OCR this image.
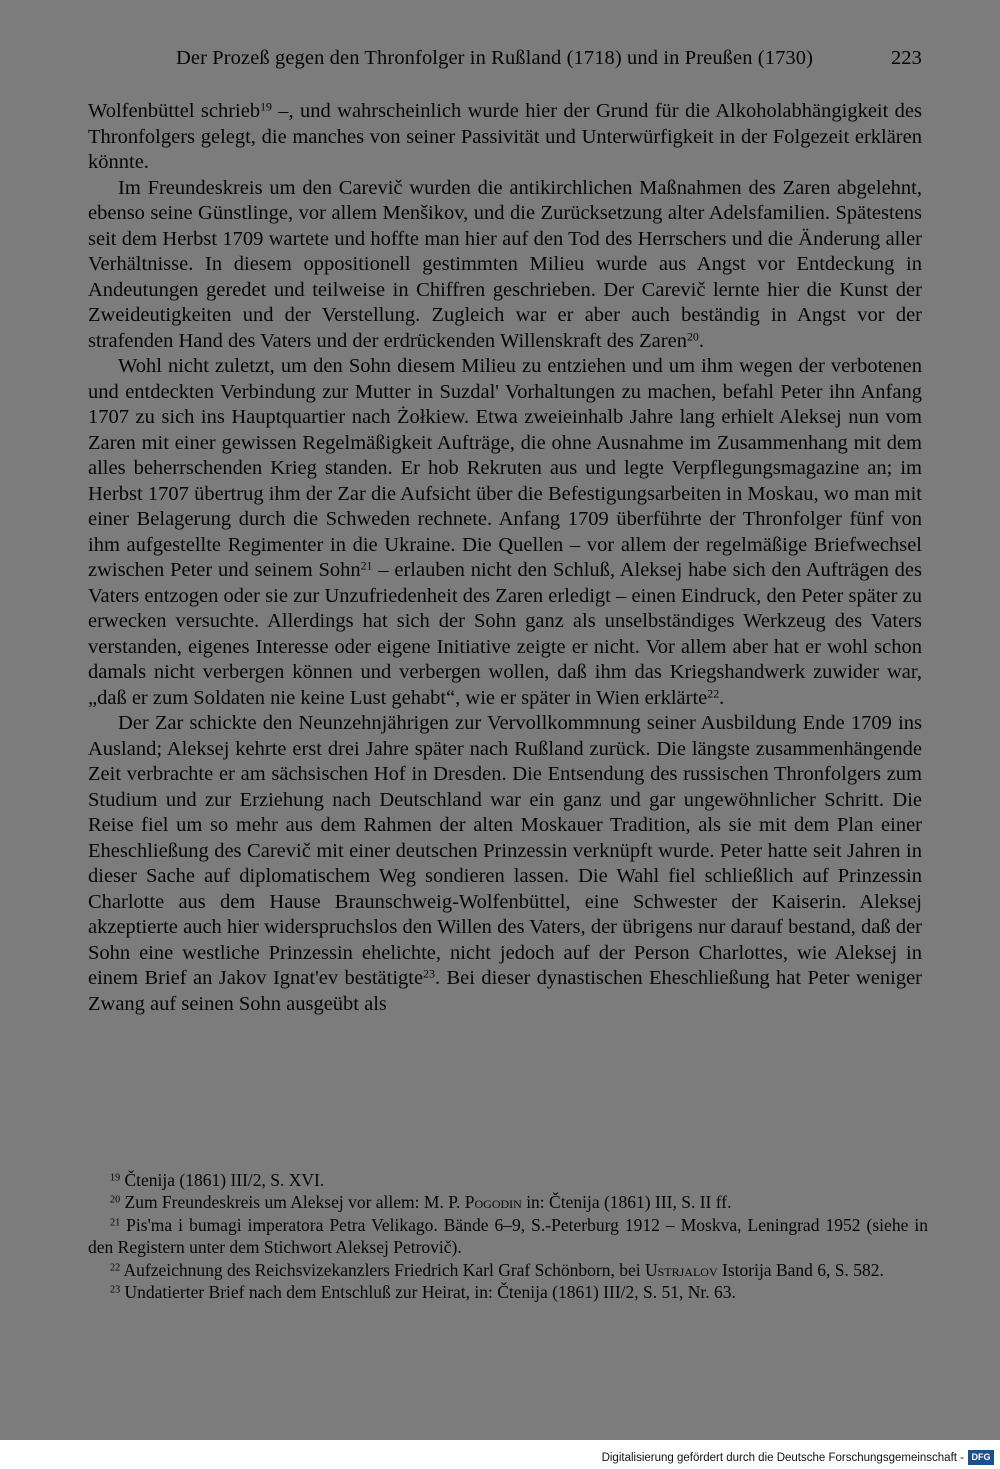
Der Prozeß gegen den Thronfolger in Rußland (1718) und in Preußen (1730)	223

Wolfenbüttel schrieb$^{19}$ –, und wahrscheinlich wurde hier der Grund für die Alkoholabhängigkeit des Thronfolgers gelegt, die manches von seiner Passivität und Unterwürfigkeit in der Folgezeit erklären könnte.

Im Freundeskreis um den Carevič wurden die antikirchlichen Maßnahmen des Zaren abgelehnt, ebenso seine Günstlinge, vor allem Menšikov, und die Zurücksetzung alter Adelsfamilien. Spätestens seit dem Herbst 1709 wartete und hoffte man hier auf den Tod des Herrschers und die Änderung aller Verhältnisse. In diesem oppositionell gestimmten Milieu wurde aus Angst vor Entdeckung in Andeutungen geredet und teilweise in Chiffren geschrieben. Der Carevič lernte hier die Kunst der Zweideutigkeiten und der Verstellung. Zugleich war er aber auch beständig in Angst vor der strafenden Hand des Vaters und der erdrückenden Willenskraft des Zaren$^{20}$.

Wohl nicht zuletzt, um den Sohn diesem Milieu zu entziehen und um ihm wegen der verbotenen und entdeckten Verbindung zur Mutter in Suzdal' Vorhaltungen zu machen, befahl Peter ihn Anfang 1707 zu sich ins Hauptquartier nach Żołkiew. Etwa zweieinhalb Jahre lang erhielt Aleksej nun vom Zaren mit einer gewissen Regelmäßigkeit Aufträge, die ohne Ausnahme im Zusammenhang mit dem alles beherrschenden Krieg standen. Er hob Rekruten aus und legte Verpflegungsmagazine an; im Herbst 1707 übertrug ihm der Zar die Aufsicht über die Befestigungsarbeiten in Moskau, wo man mit einer Belagerung durch die Schweden rechnete. Anfang 1709 überführte der Thronfolger fünf von ihm aufgestellte Regimenter in die Ukraine. Die Quellen – vor allem der regelmäßige Briefwechsel zwischen Peter und seinem Sohn$^{21}$ – erlauben nicht den Schluß, Aleksej habe sich den Aufträgen des Vaters entzogen oder sie zur Unzufriedenheit des Zaren erledigt – einen Eindruck, den Peter später zu erwecken versuchte. Allerdings hat sich der Sohn ganz als unselbständiges Werkzeug des Vaters verstanden, eigenes Interesse oder eigene Initiative zeigte er nicht. Vor allem aber hat er wohl schon damals nicht verbergen können und verbergen wollen, daß ihm das Kriegshandwerk zuwider war, „daß er zum Soldaten nie keine Lust gehabt“, wie er später in Wien erklärte$^{22}$.

Der Zar schickte den Neunzehnjährigen zur Vervollkommnung seiner Ausbildung Ende 1709 ins Ausland; Aleksej kehrte erst drei Jahre später nach Rußland zurück. Die längste zusammenhängende Zeit verbrachte er am sächsischen Hof in Dresden. Die Entsendung des russischen Thronfolgers zum Studium und zur Erziehung nach Deutschland war ein ganz und gar ungewöhnlicher Schritt. Die Reise fiel um so mehr aus dem Rahmen der alten Moskauer Tradition, als sie mit dem Plan einer Eheschließung des Carevič mit einer deutschen Prinzessin verknüpft wurde. Peter hatte seit Jahren in dieser Sache auf diplomatischem Weg sondieren lassen. Die Wahl fiel schließlich auf Prinzessin Charlotte aus dem Hause Braunschweig-Wolfenbüttel, eine Schwester der Kaiserin. Aleksej akzeptierte auch hier widerspruchslos den Willen des Vaters, der übrigens nur darauf bestand, daß der Sohn eine westliche Prinzessin ehelichte, nicht jedoch auf der Person Charlottes, wie Aleksej in einem Brief an Jakov Ignat'ev bestätigte$^{23}$. Bei dieser dynastischen Eheschließung hat Peter weniger Zwang auf seinen Sohn ausgeübt als

$^{19}$ Čtenija (1861) III/2, S. XVI.

$^{20}$ Zum Freundeskreis um Aleksej vor allem: M. P. Pogodin in: Čtenija (1861) III, S. II ff.

$^{21}$ Pis'ma i bumagi imperatora Petra Velikago. Bände 6–9, S.-Peterburg 1912 – Moskva, Leningrad 1952 (siehe in den Registern unter dem Stichwort Aleksej Petrovič).

$^{22}$ Aufzeichnung des Reichsvizekanzlers Friedrich Karl Graf Schönborn, bei Ustrjalov Istorija Band 6, S. 582.

$^{23}$ Undatierter Brief nach dem Entschluß zur Heirat, in: Čtenija (1861) III/2, S. 51, Nr. 63.

Digitalisierung gefördert durch die Deutsche Forschungsgemeinschaft - DFG
